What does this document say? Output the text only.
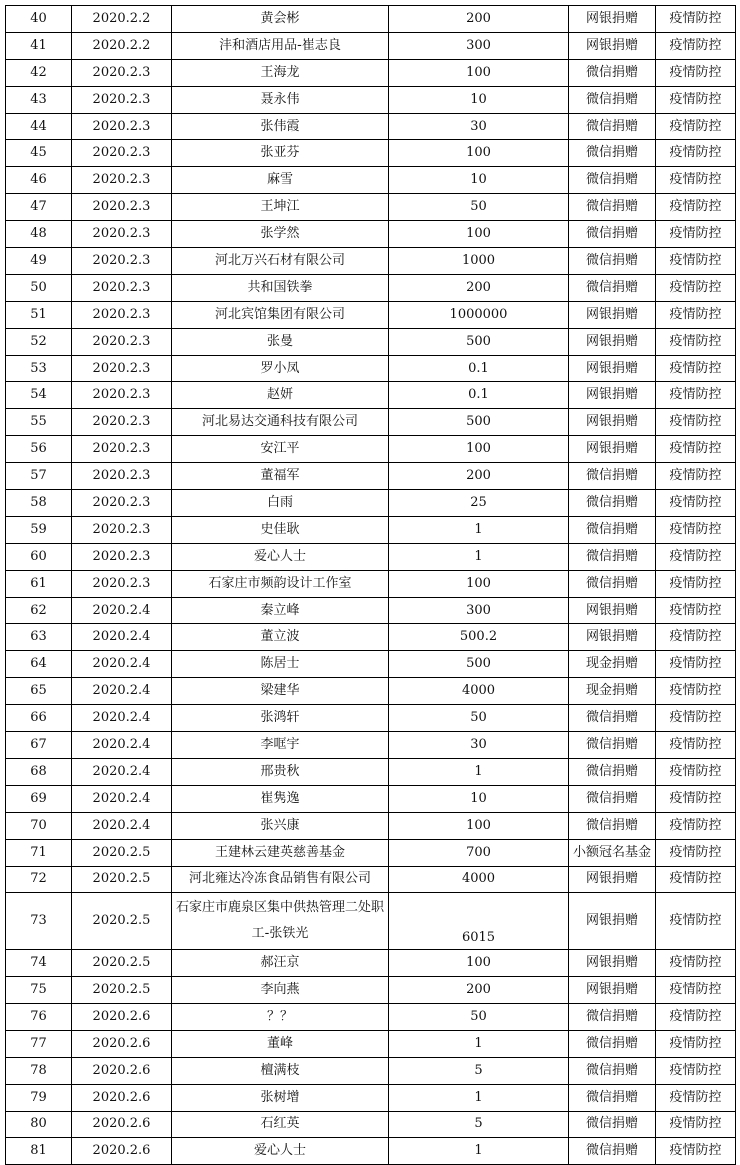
40	2020.2.2	黄会彬	200	网银捐赠	疫情防控
41	2020.2.2	沣和酒店用品-崔志良	300	网银捐赠	疫情防控
42	2020.2.3	王海龙	100	微信捐赠	疫情防控
43	2020.2.3	聂永伟	10	微信捐赠	疫情防控
44	2020.2.3	张伟霞	30	微信捐赠	疫情防控
45	2020.2.3	张亚芬	100	微信捐赠	疫情防控
46	2020.2.3	麻雪	10	微信捐赠	疫情防控
47	2020.2.3	王坤江	50	微信捐赠	疫情防控
48	2020.2.3	张学然	100	微信捐赠	疫情防控
49	2020.2.3	河北万兴石材有限公司	1000	微信捐赠	疫情防控
50	2020.2.3	共和国铁拳	200	微信捐赠	疫情防控
51	2020.2.3	河北宾馆集团有限公司	1000000	网银捐赠	疫情防控
52	2020.2.3	张曼	500	网银捐赠	疫情防控
53	2020.2.3	罗小凤	0.1	网银捐赠	疫情防控
54	2020.2.3	赵妍	0.1	网银捐赠	疫情防控
55	2020.2.3	河北易达交通科技有限公司	500	网银捐赠	疫情防控
56	2020.2.3	安江平	100	网银捐赠	疫情防控
57	2020.2.3	董福军	200	微信捐赠	疫情防控
58	2020.2.3	白雨	25	微信捐赠	疫情防控
59	2020.2.3	史佳耿	1	微信捐赠	疫情防控
60	2020.2.3	爱心人士	1	微信捐赠	疫情防控
61	2020.2.3	石家庄市频韵设计工作室	100	微信捐赠	疫情防控
62	2020.2.4	秦立峰	300	网银捐赠	疫情防控
63	2020.2.4	董立波	500.2	网银捐赠	疫情防控
64	2020.2.4	陈居士	500	现金捐赠	疫情防控
65	2020.2.4	梁建华	4000	现金捐赠	疫情防控
66	2020.2.4	张鸿轩	50	微信捐赠	疫情防控
67	2020.2.4	李哐宇	30	微信捐赠	疫情防控
68	2020.2.4	邢贵秋	1	微信捐赠	疫情防控
69	2020.2.4	崔隽逸	10	微信捐赠	疫情防控
70	2020.2.4	张兴康	100	微信捐赠	疫情防控
71	2020.2.5	王建林云建英慈善基金	700	小额冠名基金	疫情防控
72	2020.2.5	河北雍达冷冻食品销售有限公司	4000	网银捐赠	疫情防控
73	2020.2.5	石家庄市鹿泉区集中供热管理二处职工-张铁光	6015	网银捐赠	疫情防控
74	2020.2.5	郝汪京	100	网银捐赠	疫情防控
75	2020.2.5	李向燕	200	网银捐赠	疫情防控
76	2020.2.6	？？	50	微信捐赠	疫情防控
77	2020.2.6	董峰	1	微信捐赠	疫情防控
78	2020.2.6	檀满枝	5	微信捐赠	疫情防控
79	2020.2.6	张树增	1	微信捐赠	疫情防控
80	2020.2.6	石红英	5	微信捐赠	疫情防控
81	2020.2.6	爱心人士	1	微信捐赠	疫情防控
